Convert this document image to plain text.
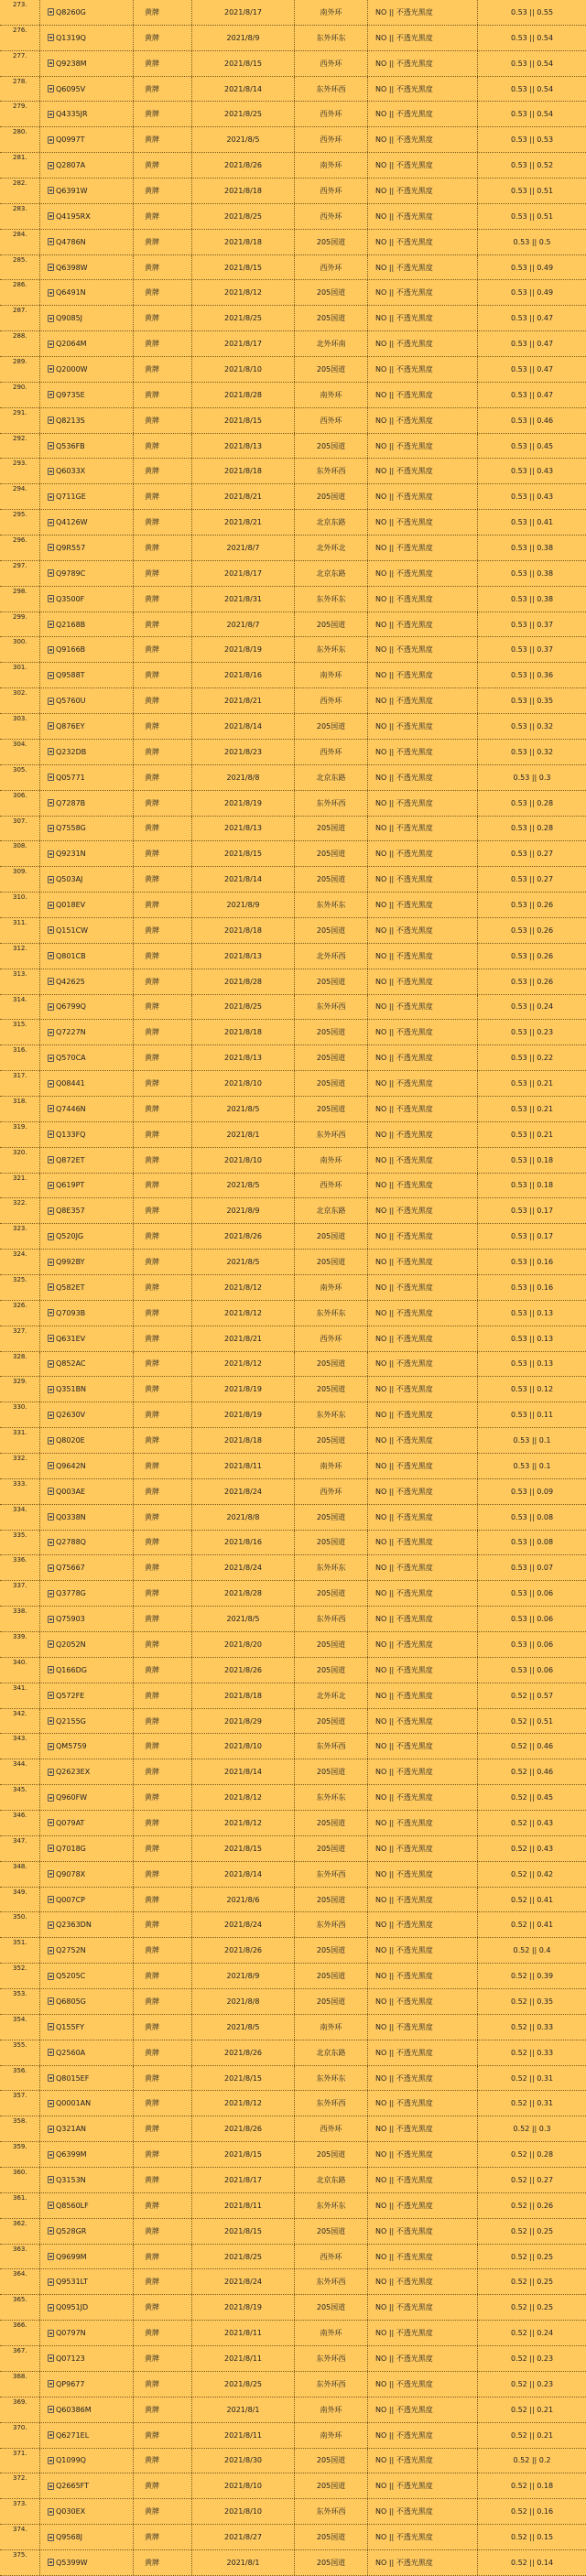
273.
Q8260G	黄牌	2021/8/17	南外环	NO || 不透光黑度	0.53 || 0.55
276.
Q1319Q	黄牌	2021/8/9	东外环东	NO || 不透光黑度	0.53 || 0.54
277.
Q9238M	黄牌	2021/8/15	西外环	NO || 不透光黑度	0.53 || 0.54
278.
Q6095V	黄牌	2021/8/14	东外环西	NO || 不透光黑度	0.53 || 0.54
279.
Q4335JR	黄牌	2021/8/25	西外环	NO || 不透光黑度	0.53 || 0.54
280.
Q0997T	黄牌	2021/8/5	西外环	NO || 不透光黑度	0.53 || 0.53
281.
Q2807A	黄牌	2021/8/26	南外环	NO || 不透光黑度	0.53 || 0.52
282.
Q6391W	黄牌	2021/8/18	西外环	NO || 不透光黑度	0.53 || 0.51
283.
Q4195RX	黄牌	2021/8/25	西外环	NO || 不透光黑度	0.53 || 0.51
284.
Q4786N	黄牌	2021/8/18	205国道	NO || 不透光黑度	0.53 || 0.5
285.
Q6398W	黄牌	2021/8/15	西外环	NO || 不透光黑度	0.53 || 0.49
286.
Q6491N	黄牌	2021/8/12	205国道	NO || 不透光黑度	0.53 || 0.49
287.
Q9085J	黄牌	2021/8/25	205国道	NO || 不透光黑度	0.53 || 0.47
288.
Q2064M	黄牌	2021/8/17	北外环南	NO || 不透光黑度	0.53 || 0.47
289.
Q2000W	黄牌	2021/8/10	205国道	NO || 不透光黑度	0.53 || 0.47
290.
Q9735E	黄牌	2021/8/28	南外环	NO || 不透光黑度	0.53 || 0.47
291.
Q8213S	黄牌	2021/8/15	西外环	NO || 不透光黑度	0.53 || 0.46
292.
Q536FB	黄牌	2021/8/13	205国道	NO || 不透光黑度	0.53 || 0.45
293.
Q6033X	黄牌	2021/8/18	东外环西	NO || 不透光黑度	0.53 || 0.43
294.
Q711GE	黄牌	2021/8/21	205国道	NO || 不透光黑度	0.53 || 0.43
295.
Q4126W	黄牌	2021/8/21	北京东路	NO || 不透光黑度	0.53 || 0.41
296.
Q9R557	黄牌	2021/8/7	北外环北	NO || 不透光黑度	0.53 || 0.38
297.
Q9789C	黄牌	2021/8/17	北京东路	NO || 不透光黑度	0.53 || 0.38
298.
Q3500F	黄牌	2021/8/31	东外环东	NO || 不透光黑度	0.53 || 0.38
299.
Q2168B	黄牌	2021/8/7	205国道	NO || 不透光黑度	0.53 || 0.37
300.
Q9166B	黄牌	2021/8/19	东外环东	NO || 不透光黑度	0.53 || 0.37
301.
Q9588T	黄牌	2021/8/16	南外环	NO || 不透光黑度	0.53 || 0.36
302.
Q5760U	黄牌	2021/8/21	西外环	NO || 不透光黑度	0.53 || 0.35
303.
Q876EY	黄牌	2021/8/14	205国道	NO || 不透光黑度	0.53 || 0.32
304.
Q232DB	黄牌	2021/8/23	西外环	NO || 不透光黑度	0.53 || 0.32
305.
Q05771	黄牌	2021/8/8	北京东路	NO || 不透光黑度	0.53 || 0.3
306.
Q7287B	黄牌	2021/8/19	东外环西	NO || 不透光黑度	0.53 || 0.28
307.
Q7558G	黄牌	2021/8/13	205国道	NO || 不透光黑度	0.53 || 0.28
308.
Q9231N	黄牌	2021/8/15	205国道	NO || 不透光黑度	0.53 || 0.27
309.
Q503AJ	黄牌	2021/8/14	205国道	NO || 不透光黑度	0.53 || 0.27
310.
Q018EV	黄牌	2021/8/9	东外环东	NO || 不透光黑度	0.53 || 0.26
311.
Q151CW	黄牌	2021/8/18	205国道	NO || 不透光黑度	0.53 || 0.26
312.
Q801CB	黄牌	2021/8/13	北外环西	NO || 不透光黑度	0.53 || 0.26
313.
Q42625	黄牌	2021/8/28	205国道	NO || 不透光黑度	0.53 || 0.26
314.
Q6799Q	黄牌	2021/8/25	东外环西	NO || 不透光黑度	0.53 || 0.24
315.
Q7227N	黄牌	2021/8/18	205国道	NO || 不透光黑度	0.53 || 0.23
316.
Q570CA	黄牌	2021/8/13	205国道	NO || 不透光黑度	0.53 || 0.22
317.
Q08441	黄牌	2021/8/10	205国道	NO || 不透光黑度	0.53 || 0.21
318.
Q7446N	黄牌	2021/8/5	205国道	NO || 不透光黑度	0.53 || 0.21
319.
Q133FQ	黄牌	2021/8/1	东外环西	NO || 不透光黑度	0.53 || 0.21
320.
Q872ET	黄牌	2021/8/10	南外环	NO || 不透光黑度	0.53 || 0.18
321.
Q619PT	黄牌	2021/8/5	西外环	NO || 不透光黑度	0.53 || 0.18
322.
Q8E357	黄牌	2021/8/9	北京东路	NO || 不透光黑度	0.53 || 0.17
323.
Q520JG	黄牌	2021/8/26	205国道	NO || 不透光黑度	0.53 || 0.17
324.
Q992BY	黄牌	2021/8/5	205国道	NO || 不透光黑度	0.53 || 0.16
325.
Q582ET	黄牌	2021/8/12	南外环	NO || 不透光黑度	0.53 || 0.16
326.
Q7093B	黄牌	2021/8/12	东外环东	NO || 不透光黑度	0.53 || 0.13
327.
Q631EV	黄牌	2021/8/21	西外环	NO || 不透光黑度	0.53 || 0.13
328.
Q852AC	黄牌	2021/8/12	205国道	NO || 不透光黑度	0.53 || 0.13
329.
Q351BN	黄牌	2021/8/19	205国道	NO || 不透光黑度	0.53 || 0.12
330.
Q2630V	黄牌	2021/8/19	东外环东	NO || 不透光黑度	0.53 || 0.11
331.
Q8020E	黄牌	2021/8/18	205国道	NO || 不透光黑度	0.53 || 0.1
332.
Q9642N	黄牌	2021/8/11	南外环	NO || 不透光黑度	0.53 || 0.1
333.
Q003AE	黄牌	2021/8/24	西外环	NO || 不透光黑度	0.53 || 0.09
334.
Q0338N	黄牌	2021/8/8	205国道	NO || 不透光黑度	0.53 || 0.08
335.
Q2788Q	黄牌	2021/8/16	205国道	NO || 不透光黑度	0.53 || 0.08
336.
Q75667	黄牌	2021/8/24	东外环东	NO || 不透光黑度	0.53 || 0.07
337.
Q3778G	黄牌	2021/8/28	205国道	NO || 不透光黑度	0.53 || 0.06
338.
Q75903	黄牌	2021/8/5	东外环西	NO || 不透光黑度	0.53 || 0.06
339.
Q2052N	黄牌	2021/8/20	205国道	NO || 不透光黑度	0.53 || 0.06
340.
Q166DG	黄牌	2021/8/26	205国道	NO || 不透光黑度	0.53 || 0.06
341.
Q572FE	黄牌	2021/8/18	北外环北	NO || 不透光黑度	0.52 || 0.57
342.
Q2155G	黄牌	2021/8/29	205国道	NO || 不透光黑度	0.52 || 0.51
343.
QM5759	黄牌	2021/8/10	东外环西	NO || 不透光黑度	0.52 || 0.46
344.
Q2623EX	黄牌	2021/8/14	205国道	NO || 不透光黑度	0.52 || 0.46
345.
Q960FW	黄牌	2021/8/12	东外环东	NO || 不透光黑度	0.52 || 0.45
346.
Q079AT	黄牌	2021/8/12	205国道	NO || 不透光黑度	0.52 || 0.43
347.
Q7018G	黄牌	2021/8/15	205国道	NO || 不透光黑度	0.52 || 0.43
348.
Q9078X	黄牌	2021/8/14	东外环西	NO || 不透光黑度	0.52 || 0.42
349.
Q007CP	黄牌	2021/8/6	205国道	NO || 不透光黑度	0.52 || 0.41
350.
Q2363DN	黄牌	2021/8/24	东外环西	NO || 不透光黑度	0.52 || 0.41
351.
Q2752N	黄牌	2021/8/26	205国道	NO || 不透光黑度	0.52 || 0.4
352.
Q5205C	黄牌	2021/8/9	205国道	NO || 不透光黑度	0.52 || 0.39
353.
Q6805G	黄牌	2021/8/8	205国道	NO || 不透光黑度	0.52 || 0.35
354.
Q155FY	黄牌	2021/8/5	南外环	NO || 不透光黑度	0.52 || 0.33
355.
Q2560A	黄牌	2021/8/26	北京东路	NO || 不透光黑度	0.52 || 0.33
356.
Q8015EF	黄牌	2021/8/15	东外环东	NO || 不透光黑度	0.52 || 0.31
357.
Q0001AN	黄牌	2021/8/12	东外环西	NO || 不透光黑度	0.52 || 0.31
358.
Q321AN	黄牌	2021/8/26	西外环	NO || 不透光黑度	0.52 || 0.3
359.
Q6399M	黄牌	2021/8/15	205国道	NO || 不透光黑度	0.52 || 0.28
360.
Q3153N	黄牌	2021/8/17	北京东路	NO || 不透光黑度	0.52 || 0.27
361.
Q8560LF	黄牌	2021/8/11	东外环东	NO || 不透光黑度	0.52 || 0.26
362.
Q528GR	黄牌	2021/8/15	205国道	NO || 不透光黑度	0.52 || 0.25
363.
Q9699M	黄牌	2021/8/25	西外环	NO || 不透光黑度	0.52 || 0.25
364.
Q9531LT	黄牌	2021/8/24	东外环西	NO || 不透光黑度	0.52 || 0.25
365.
Q0951JD	黄牌	2021/8/19	205国道	NO || 不透光黑度	0.52 || 0.25
366.
Q0797N	黄牌	2021/8/11	南外环	NO || 不透光黑度	0.52 || 0.24
367.
Q07123	黄牌	2021/8/11	东外环西	NO || 不透光黑度	0.52 || 0.23
368.
QP9677	黄牌	2021/8/25	东外环西	NO || 不透光黑度	0.52 || 0.23
369.
Q60386M	黄牌	2021/8/1	南外环	NO || 不透光黑度	0.52 || 0.21
370.
Q6271EL	黄牌	2021/8/11	南外环	NO || 不透光黑度	0.52 || 0.21
371.
Q1099Q	黄牌	2021/8/30	205国道	NO || 不透光黑度	0.52 || 0.2
372.
Q2665FT	黄牌	2021/8/10	205国道	NO || 不透光黑度	0.52 || 0.18
373.
Q030EX	黄牌	2021/8/10	东外环西	NO || 不透光黑度	0.52 || 0.16
374.
Q9568J	黄牌	2021/8/27	205国道	NO || 不透光黑度	0.52 || 0.15
375.
Q5399W	黄牌	2021/8/1	205国道	NO || 不透光黑度	0.52 || 0.14
